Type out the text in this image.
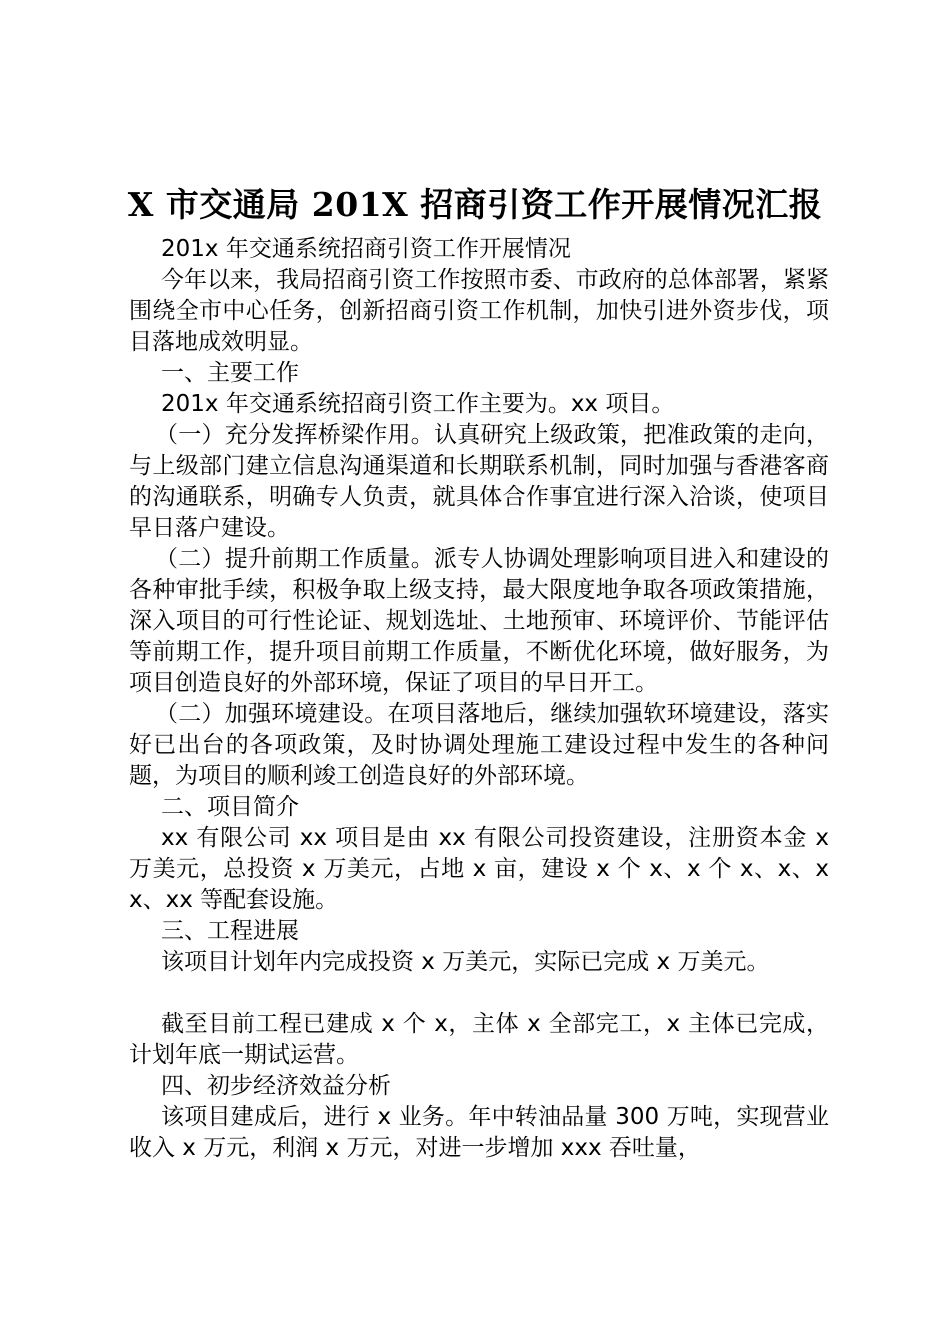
X 市交通局 201X 招商引资工作开展情况汇报

201x 年交通系统招商引资工作开展情况

今年以来，我局招商引资工作按照市委、市政府的总体部署，紧紧围绕全市中心任务，创新招商引资工作机制，加快引进外资步伐，项目落地成效明显。

一、主要工作

201x 年交通系统招商引资工作主要为。xx 项目。

（一）充分发挥桥梁作用。认真研究上级政策，把准政策的走向，与上级部门建立信息沟通渠道和长期联系机制，同时加强与香港客商的沟通联系，明确专人负责，就具体合作事宜进行深入洽谈，使项目早日落户建设。

（二）提升前期工作质量。派专人协调处理影响项目进入和建设的各种审批手续，积极争取上级支持，最大限度地争取各项政策措施，深入项目的可行性论证、规划选址、土地预审、环境评价、节能评估等前期工作，提升项目前期工作质量，不断优化环境，做好服务，为项目创造良好的外部环境，保证了项目的早日开工。

（二）加强环境建设。在项目落地后，继续加强软环境建设，落实好已出台的各项政策，及时协调处理施工建设过程中发生的各种问题，为项目的顺利竣工创造良好的外部环境。

二、项目简介

xx 有限公司 xx 项目是由 xx 有限公司投资建设，注册资本金 x 万美元，总投资 x 万美元，占地 x 亩，建设 x 个 x、x 个 x、x、xx、xx 等配套设施。

三、工程进展

该项目计划年内完成投资 x 万美元，实际已完成 x 万美元。

截至目前工程已建成 x 个 x，主体 x 全部完工，x 主体已完成，计划年底一期试运营。

四、初步经济效益分析

该项目建成后，进行 x 业务。年中转油品量 300 万吨，实现营业收入 x 万元，利润 x 万元，对进一步增加 xxx 吞吐量，
